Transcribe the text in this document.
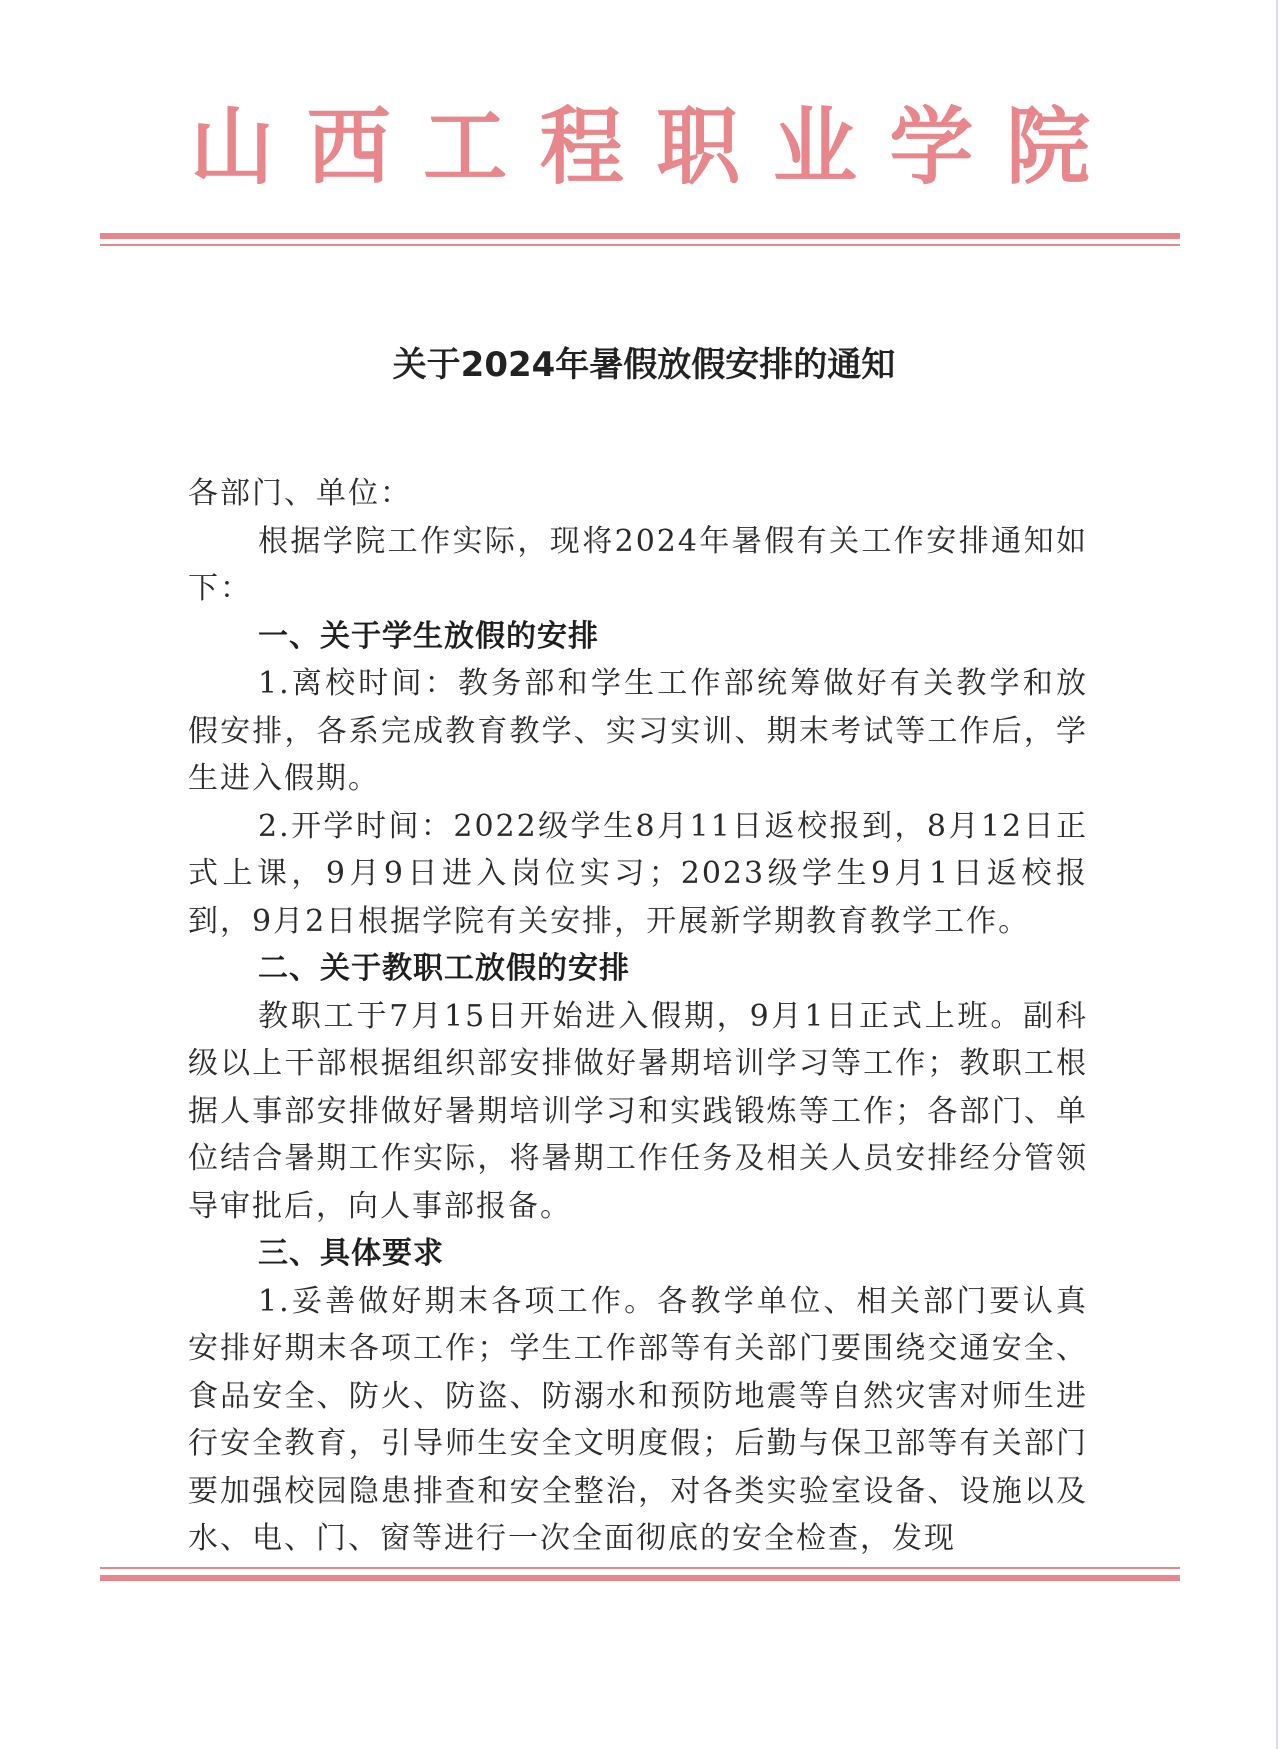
山 西 工 程 职 业 学 院
关于2024年暑假放假安排的通知

各部门、单位：

根据学院工作实际，现将2024年暑假有关工作安排通知如下：

一、关于学生放假的安排

1.离校时间：教务部和学生工作部统筹做好有关教学和放假安排，各系完成教育教学、实习实训、期末考试等工作后，学生进入假期。

2.开学时间：2022级学生8月11日返校报到，8月12日正式上课，9月9日进入岗位实习；2023级学生9月1日返校报到，9月2日根据学院有关安排，开展新学期教育教学工作。

二、关于教职工放假的安排

教职工于7月15日开始进入假期，9月1日正式上班。副科级以上干部根据组织部安排做好暑期培训学习等工作；教职工根据人事部安排做好暑期培训学习和实践锻炼等工作；各部门、单位结合暑期工作实际，将暑期工作任务及相关人员安排经分管领导审批后，向人事部报备。

三、具体要求

1.妥善做好期末各项工作。各教学单位、相关部门要认真安排好期末各项工作；学生工作部等有关部门要围绕交通安全、食品安全、防火、防盗、防溺水和预防地震等自然灾害对师生进行安全教育，引导师生安全文明度假；后勤与保卫部等有关部门要加强校园隐患排查和安全整治，对各类实验室设备、设施以及水、电、门、窗等进行一次全面彻底的安全检查，发现
